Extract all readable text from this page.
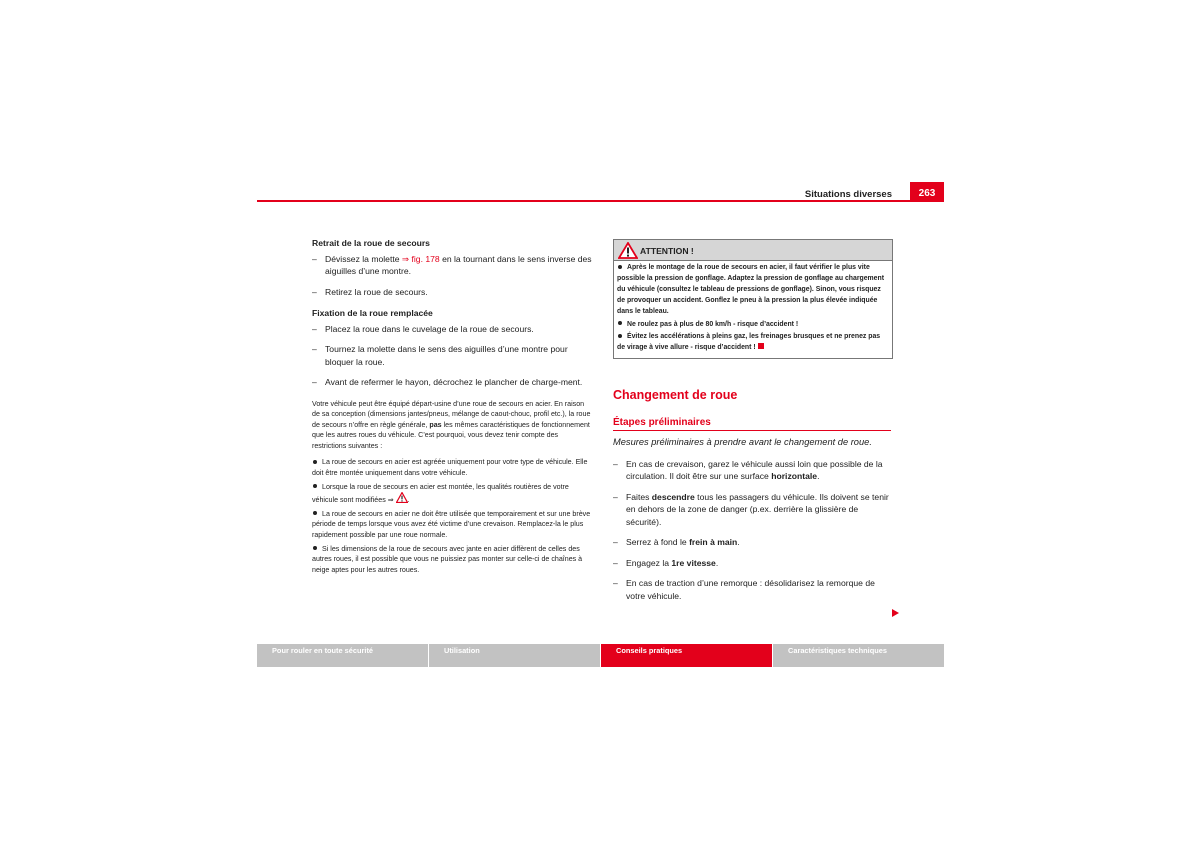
Situations diverses	263

Retrait de la roue de secours

– Dévissez la molette ⇒ fig. 178 en la tournant dans le sens inverse des aiguilles d’une montre.

– Retirez la roue de secours.

Fixation de la roue remplacée

– Placez la roue dans le cuvelage de la roue de secours.

– Tournez la molette dans le sens des aiguilles d’une montre pour bloquer la roue.

– Avant de refermer le hayon, décrochez le plancher de charge-ment.

Votre véhicule peut être équipé départ-usine d’une roue de secours en acier. En raison de sa conception (dimensions jantes/pneus, mélange de caout-chouc, profil etc.), la roue de secours n’offre en règle générale, pas les mêmes caractéristiques de fonctionnement que les autres roues du véhicule. C’est pourquoi, vous devez tenir compte des restrictions suivantes :

La roue de secours en acier est agréée uniquement pour votre type de véhicule. Elle doit être montée uniquement dans votre véhicule.

Lorsque la roue de secours en acier est montée, les qualités routières de votre véhicule sont modifiées ⇒ .

La roue de secours en acier ne doit être utilisée que temporairement et sur une brève période de temps lorsque vous avez été victime d’une crevaison. Remplacez-la le plus rapidement possible par une roue normale.

Si les dimensions de la roue de secours avec jante en acier diffèrent de celles des autres roues, il est possible que vous ne puissiez pas monter sur celle-ci de chaînes à neige aptes pour les autres roues.

ATTENTION !

Après le montage de la roue de secours en acier, il faut vérifier le plus vite possible la pression de gonflage. Adaptez la pression de gonflage au chargement du véhicule (consultez le tableau de pressions de gonflage). Sinon, vous risquez de provoquer un accident. Gonflez le pneu à la pression la plus élevée indiquée dans le tableau.

Ne roulez pas à plus de 80 km/h - risque d’accident !

Évitez les accélérations à pleins gaz, les freinages brusques et ne prenez pas de virage à vive allure - risque d’accident !

Changement de roue

Étapes préliminaires

Mesures préliminaires à prendre avant le changement de roue.

– En cas de crevaison, garez le véhicule aussi loin que possible de la circulation. Il doit être sur une surface horizontale.

– Faites descendre tous les passagers du véhicule. Ils doivent se tenir en dehors de la zone de danger (p.ex. derrière la glissière de sécurité).

– Serrez à fond le frein à main.

– Engagez la 1re vitesse.

– En cas de traction d’une remorque : désolidarisez la remorque de votre véhicule.

Pour rouler en toute sécurité	Utilisation	Conseils pratiques	Caractéristiques techniques
